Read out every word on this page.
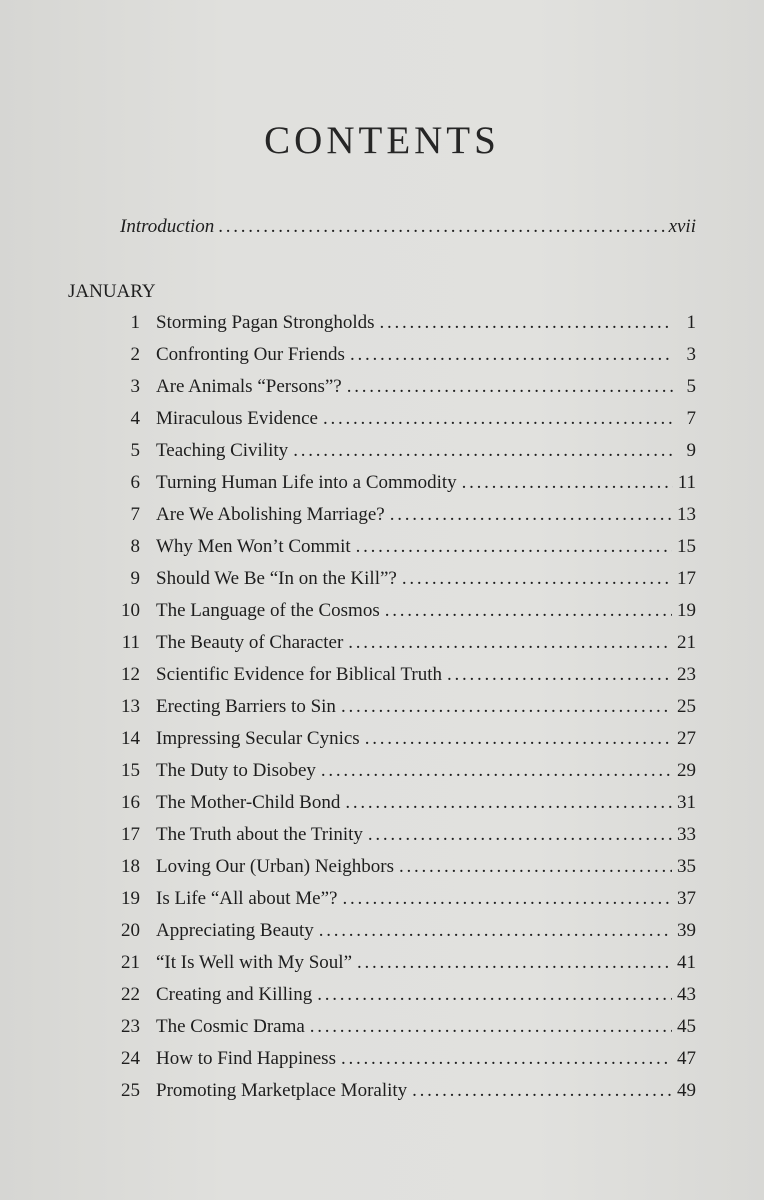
CONTENTS
Introduction . . .	xvii
JANUARY
1 Storming Pagan Strongholds . . .	1
2 Confronting Our Friends . . .	3
3 Are Animals “Persons”? . . .	5
4 Miraculous Evidence . . .	7
5 Teaching Civility . . .	9
6 Turning Human Life into a Commodity . . .	11
7 Are We Abolishing Marriage? . . .	13
8 Why Men Won’t Commit . . .	15
9 Should We Be “In on the Kill”? . . .	17
10 The Language of the Cosmos . . .	19
11 The Beauty of Character . . .	21
12 Scientific Evidence for Biblical Truth . . .	23
13 Erecting Barriers to Sin . . .	25
14 Impressing Secular Cynics . . .	27
15 The Duty to Disobey . . .	29
16 The Mother-Child Bond . . .	31
17 The Truth about the Trinity . . .	33
18 Loving Our (Urban) Neighbors . . .	35
19 Is Life “All about Me”? . . .	37
20 Appreciating Beauty . . .	39
21 “It Is Well with My Soul” . . .	41
22 Creating and Killing . . .	43
23 The Cosmic Drama . . .	45
24 How to Find Happiness . . .	47
25 Promoting Marketplace Morality . . .	49
